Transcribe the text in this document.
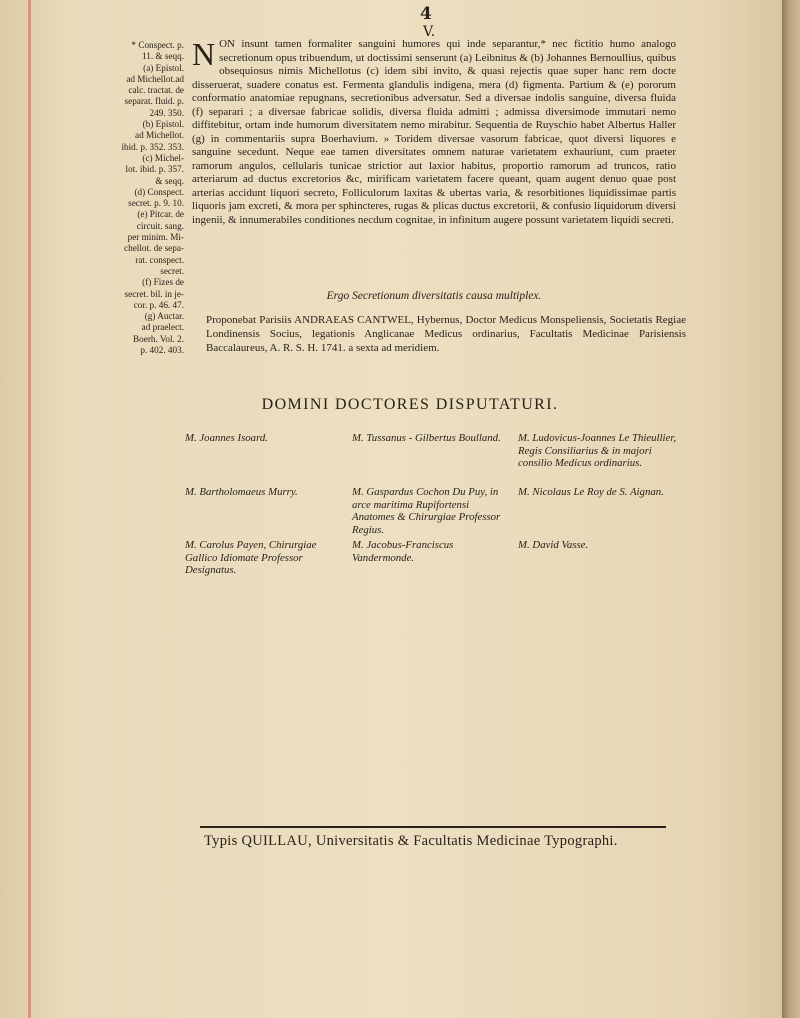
4
V.
* Conspect. p.
11. & seqq.
(a) Epistol.
ad Michellot.ad
calc. tractat. de
separat. fluid. p.
249. 350.
(b) Epistol.
ad Michellot.
ibid. p. 352. 353.
(c) Michel-
lot. ibid. p. 357.
& seqq.
(d) Conspect.
secret. p. 9. 10.
(e) Pitcar. de
circuit. sang.
per minim. Mi-
chellot. de sepa-
rat. conspect.
secret.
(f) Fizes de
secret. bil. in je-
cor. p. 46. 47.
(g) Auctar.
ad praelect.
Boerh. Vol. 2.
p. 402. 403.

NON insunt tamen formaliter sanguini humores qui inde separantur,* nec fictitio humo analogo secretionum opus tribuendum, ut doctissimi senserunt (a) Leibnitus & (b) Johannes Bernoullius, quibus obsequiosus nimis Michellotus (c) idem sibi invito, & quasi rejectis quae super hanc rem docte disseruerat, suadere conatus est. Fermenta glandulis indigena, mera (d) figmenta. Partium & (e) pororum conformatio anatomiae repugnans, secretionibus adversatur. Sed a diversae indolis sanguine, diversa fluida (f) separari ; a diversae fabricae solidis, diversa fluida admitti ; admissa diversimode immutari nemo diffitebitur, ortam inde humorum diversitatem nemo mirabitur. Sequentia de Ruyschio habet Albertus Haller (g) in commentariis supra Boerhavium. » Toridem diversae vasorum fabricae, quot diversi liquores e sanguine secedunt. Neque eae tamen diversitates omnem naturae varietatem exhauriunt, cum praeter ramorum angulos, cellularis tunicae strictior aut laxior habitus, proportio ramorum ad truncos, ratio arteriarum ad ductus excretorios &c, mirificam varietatem facere queant, quam augent denuo quae post arterias accidunt liquori secreto, Folliculorum laxitas & ubertas varia, & resorbitiones liquidissimae partis liquoris jam excreti, & mora per sphincteres, rugas & plicas ductus excretorii, & confusio liquidorum diversi ingenii, & innumerabiles conditiones necdum cognitae, in infinitum augere possunt varietatem liquidi secreti.

Ergo Secretionum diversitatis causa multiplex.
Proponebat Parisiis ANDRAEAS CANTWEL, Hybernus, Doctor Medicus Monspeliensis, Societatis Regiae Londinensis Socius, legationis Anglicanae Medicus ordinarius, Facultatis Medicinae Parisiensis Baccalaureus, A. R. S. H. 1741. a sexta ad meridiem.
DOMINI DOCTORES DISPUTATURI.
M. Joannes Isoard.	M. Tussanus - Gilbertus Boulland. M. Ludovicus-Joannes Le Thieullier, Regis Consiliarius & in majori consilio Medicus ordinarius.
M. Bartholomaeus Murry.	M. Gaspardus Cochon Du Puy, in arce maritima Rupifortensi Anatomes & Chirurgiae Professor Regius.
M. Nicolaus Le Roy de S. Aignan.
M. Carolus Payen, Chirurgiae Gallico Idiomate Professor Designatus.
M. Jacobus-Franciscus Vandermonde.
M. David Vasse.
Typis QUILLAU, Universitatis & Facultatis Medicinae Typographi.
